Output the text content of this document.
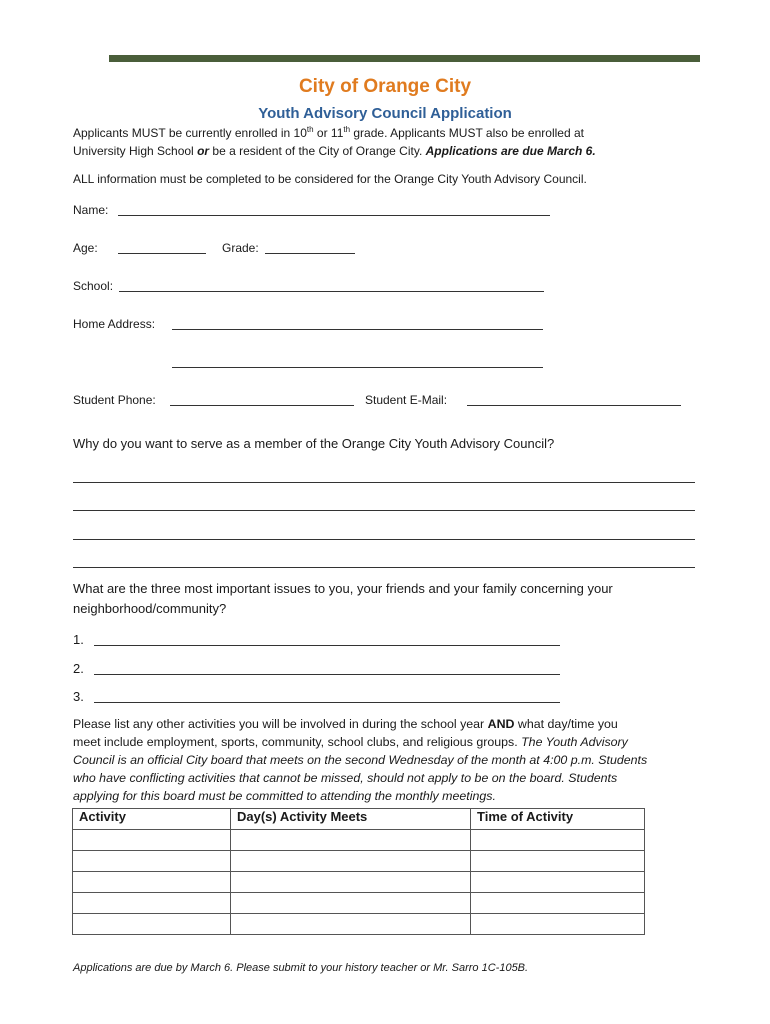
City of Orange City
Youth Advisory Council Application
Applicants MUST be currently enrolled in 10th or 11th grade. Applicants MUST also be enrolled at
University High School or be a resident of the City of Orange City. Applications are due March 6.
ALL information must be completed to be considered for the Orange City Youth Advisory Council.
Name:
Age:	Grade:
School:
Home Address:
Student Phone:	Student E-Mail:
Why do you want to serve as a member of the Orange City Youth Advisory Council?
What are the three most important issues to you, your friends and your family concerning your
neighborhood/community?
1.
2.
3.
Please list any other activities you will be involved in during the school year AND what day/time you
meet include employment, sports, community, school clubs, and religious groups. The Youth Advisory
Council is an official City board that meets on the second Wednesday of the month at 4:00 p.m. Students
who have conflicting activities that cannot be missed, should not apply to be on the board. Students
applying for this board must be committed to attending the monthly meetings.
Activity	Day(s) Activity Meets	Time of Activity

Applications are due by March 6. Please submit to your history teacher or Mr. Sarro 1C-105B.
